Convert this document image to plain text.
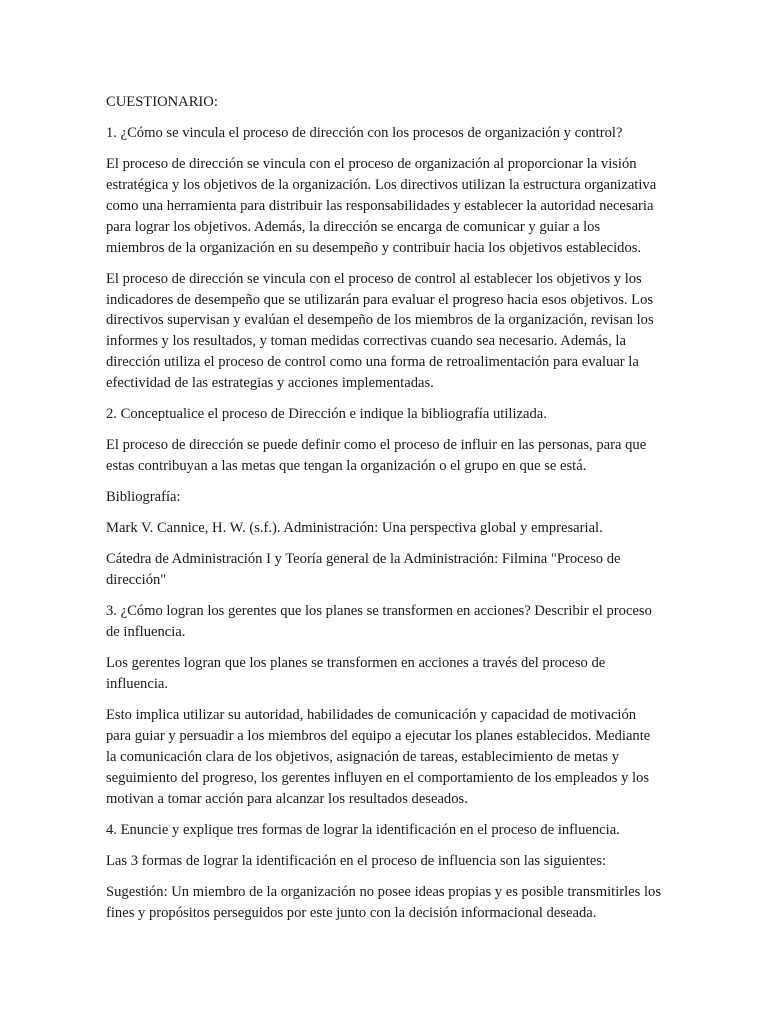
CUESTIONARIO:

1. ¿Cómo se vincula el proceso de dirección con los procesos de organización y control?

El proceso de dirección se vincula con el proceso de organización al proporcionar la visión estratégica y los objetivos de la organización. Los directivos utilizan la estructura organizativa como una herramienta para distribuir las responsabilidades y establecer la autoridad necesaria para lograr los objetivos. Además, la dirección se encarga de comunicar y guiar a los miembros de la organización en su desempeño y contribuir hacia los objetivos establecidos.

El proceso de dirección se vincula con el proceso de control al establecer los objetivos y los indicadores de desempeño que se utilizarán para evaluar el progreso hacia esos objetivos. Los directivos supervisan y evalúan el desempeño de los miembros de la organización, revisan los informes y los resultados, y toman medidas correctivas cuando sea necesario. Además, la dirección utiliza el proceso de control como una forma de retroalimentación para evaluar la efectividad de las estrategias y acciones implementadas.

2. Conceptualice el proceso de Dirección e indique la bibliografía utilizada.

El proceso de dirección se puede definir como el proceso de influir en las personas, para que estas contribuyan a las metas que tengan la organización o el grupo en que se está.

Bibliografía:

Mark V. Cannice, H. W. (s.f.). Administración: Una perspectiva global y empresarial.

Cátedra de Administración I y Teoría general de la Administración: Filmina "Proceso de dirección"

3. ¿Cómo logran los gerentes que los planes se transformen en acciones? Describir el proceso de influencia.

Los gerentes logran que los planes se transformen en acciones a través del proceso de influencia.

Esto implica utilizar su autoridad, habilidades de comunicación y capacidad de motivación para guiar y persuadir a los miembros del equipo a ejecutar los planes establecidos. Mediante la comunicación clara de los objetivos, asignación de tareas, establecimiento de metas y seguimiento del progreso, los gerentes influyen en el comportamiento de los empleados y los motivan a tomar acción para alcanzar los resultados deseados.

4. Enuncie y explique tres formas de lograr la identificación en el proceso de influencia.

Las 3 formas de lograr la identificación en el proceso de influencia son las siguientes:

Sugestión: Un miembro de la organización no posee ideas propias y es posible transmitirles los fines y propósitos perseguidos por este junto con la decisión informacional deseada.
